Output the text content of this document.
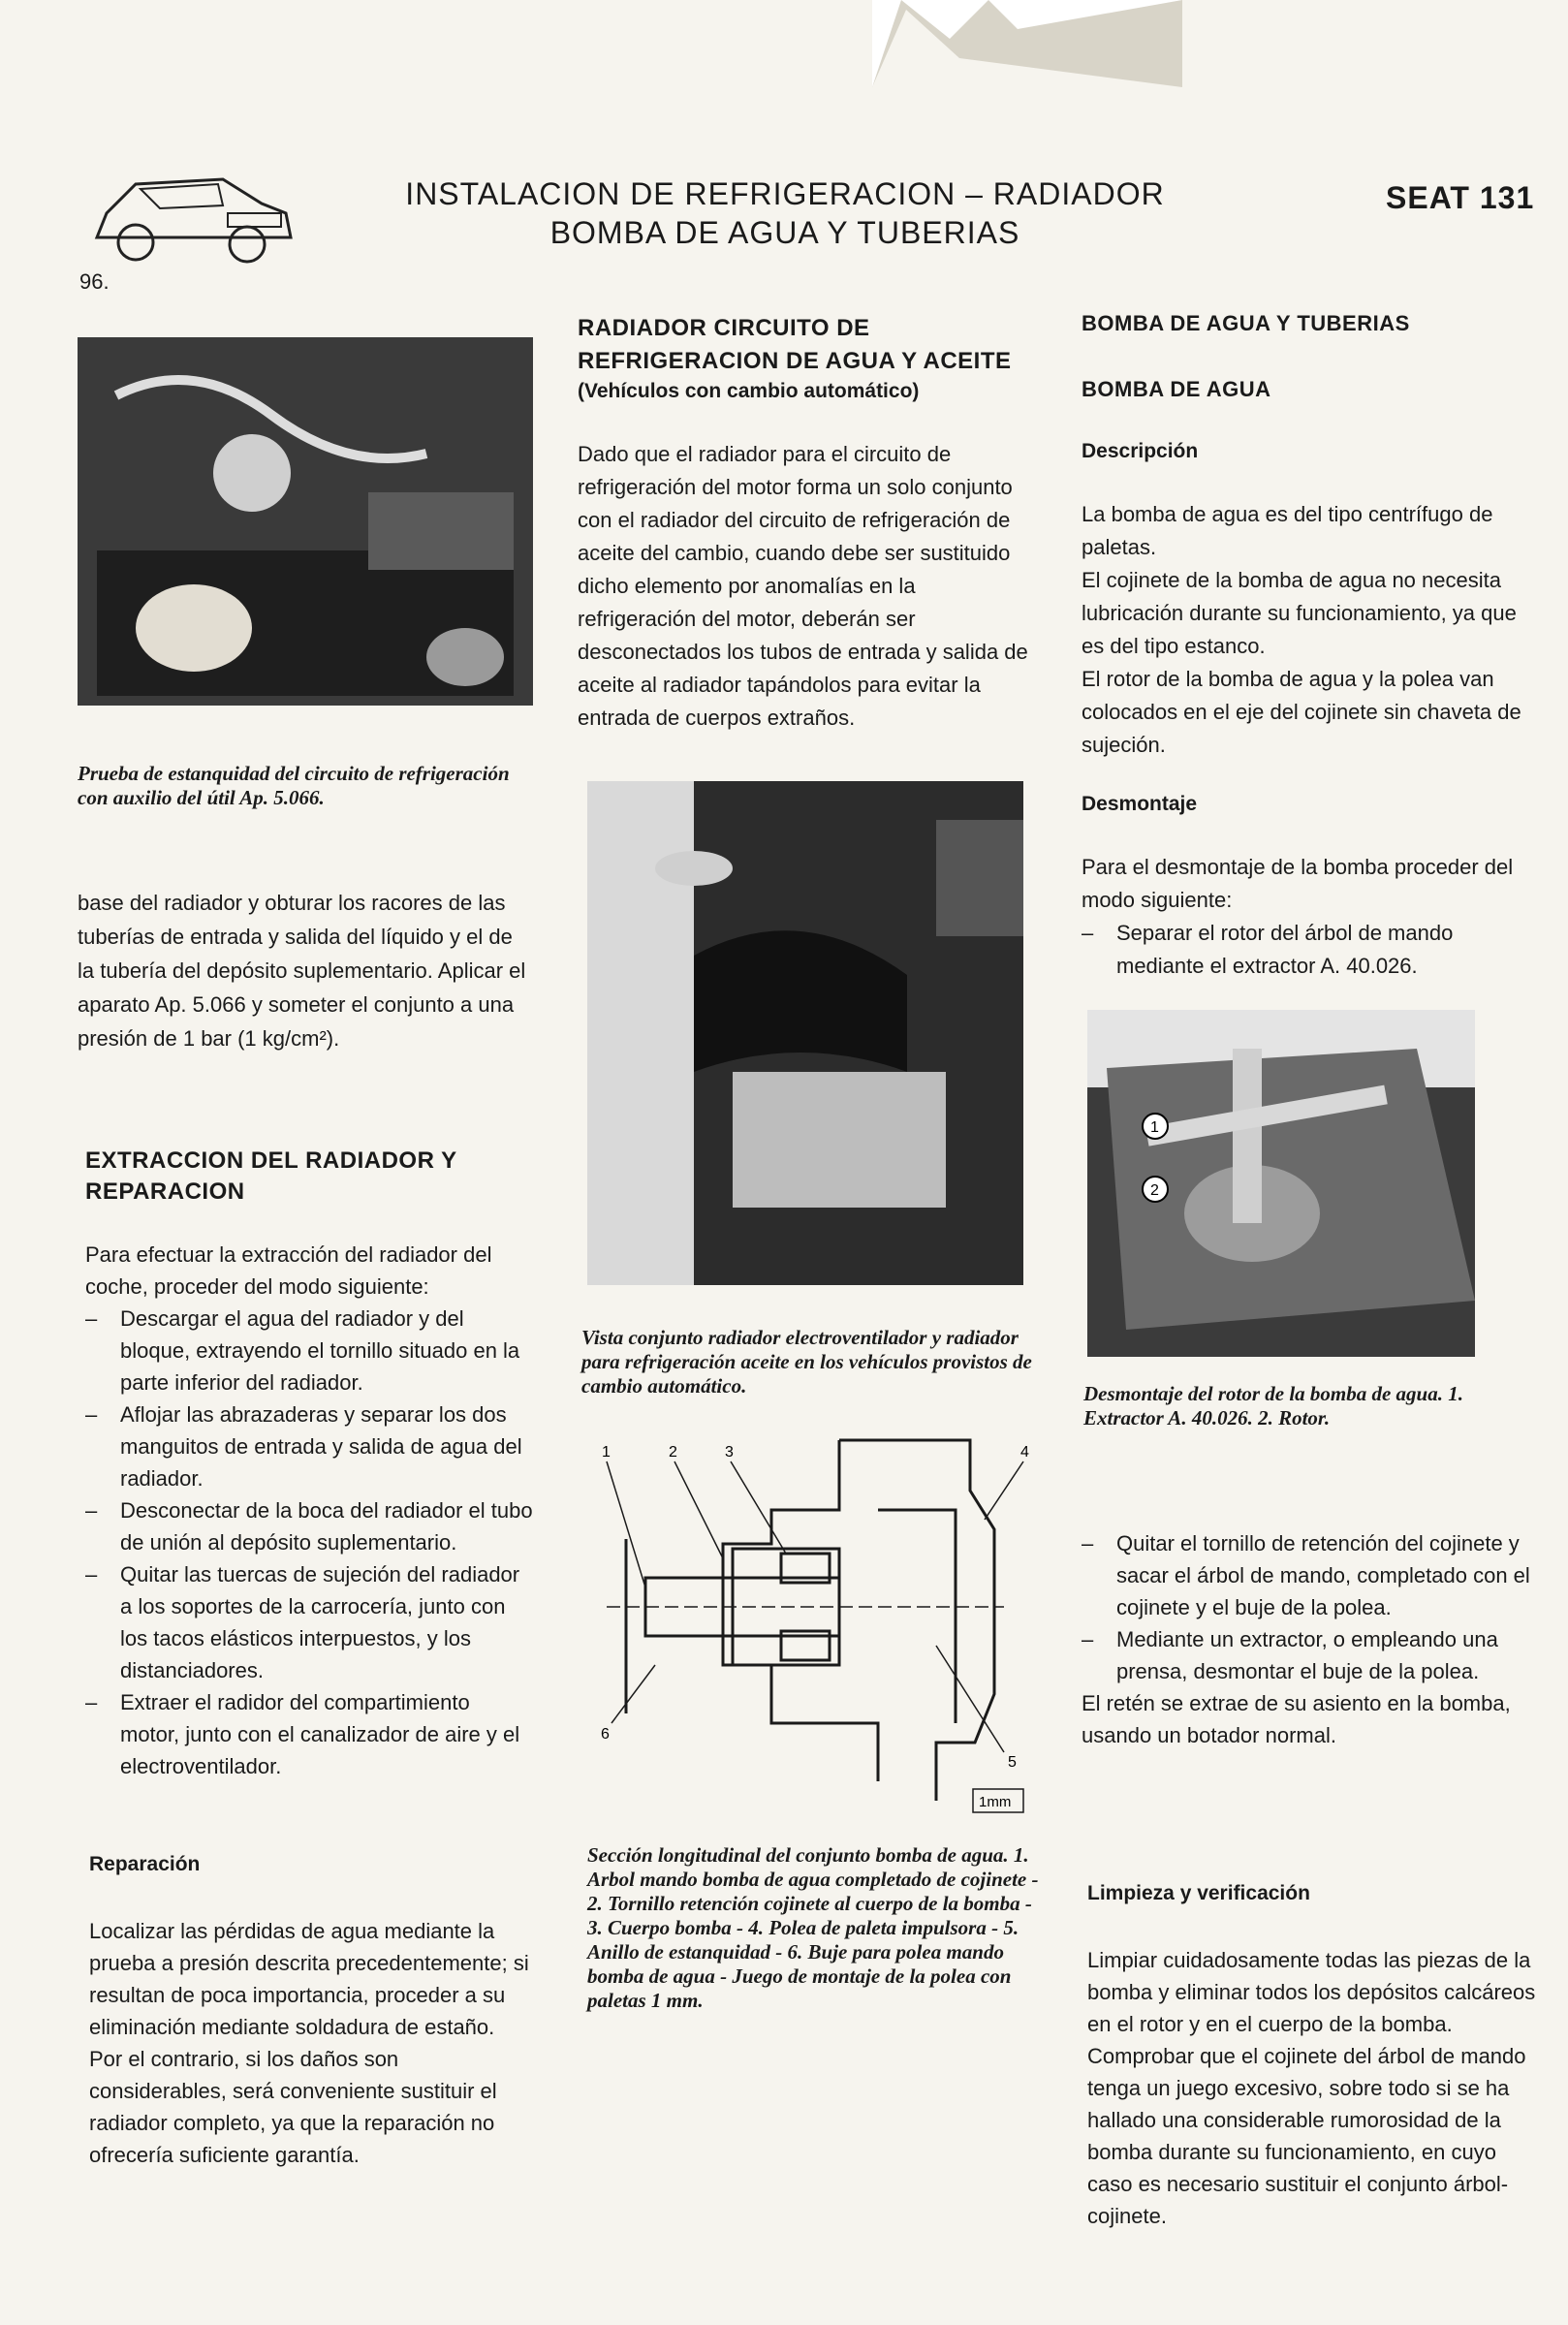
96.
INSTALACION DE REFRIGERACION – RADIADOR
BOMBA DE AGUA Y TUBERIAS
SEAT 131
Prueba de estanquidad del circuito de refrigeración con auxilio del útil Ap. 5.066.
base del radiador y obturar los racores de las tuberías de entrada y salida del líquido y el de la tubería del depósito suplementario. Aplicar el aparato Ap. 5.066 y someter el conjunto a una presión de 1 bar (1 kg/cm²).
EXTRACCION DEL RADIADOR Y REPARACION

Para efectuar la extracción del radiador del coche, proceder del modo siguiente:

– Descargar el agua del radiador y del bloque, extrayendo el tornillo situado en la parte inferior del radiador.
– Aflojar las abrazaderas y separar los dos manguitos de entrada y salida de agua del radiador.
– Desconectar de la boca del radiador el tubo de unión al depósito suplementario.
– Quitar las tuercas de sujeción del radiador a los soportes de la carrocería, junto con los tacos elásticos interpuestos, y los distanciadores.
– Extraer el radidor del compartimiento motor, junto con el canalizador de aire y el electroventilador.
Reparación

Localizar las pérdidas de agua mediante la prueba a presión descrita precedentemente; si resultan de poca importancia, proceder a su eliminación mediante soldadura de estaño.

Por el contrario, si los daños son considerables, será conveniente sustituir el radiador completo, ya que la reparación no ofrecería suficiente garantía.

RADIADOR CIRCUITO DE REFRIGERACION DE AGUA Y ACEITE
(Vehículos con cambio automático)
Dado que el radiador para el circuito de refrigeración del motor forma un solo conjunto con el radiador del circuito de refrigeración de aceite del cambio, cuando debe ser sustituido dicho elemento por anomalías en la refrigeración del motor, deberán ser desconectados los tubos de entrada y salida de aceite al radiador tapándolos para evitar la entrada de cuerpos extraños.
Vista conjunto radiador electroventilador y radiador para refrigeración aceite en los vehículos provistos de cambio automático.
1	2	3	4
5
6
1mm
Sección longitudinal del conjunto bomba de agua. 1. Arbol mando bomba de agua completado de cojinete - 2. Tornillo retención cojinete al cuerpo de la bomba - 3. Cuerpo bomba - 4. Polea de paleta impulsora - 5. Anillo de estanquidad - 6. Buje para polea mando bomba de agua - Juego de montaje de la polea con paletas 1 mm.
BOMBA DE AGUA Y TUBERIAS
BOMBA DE AGUA
Descripción

La bomba de agua es del tipo centrífugo de paletas.

El cojinete de la bomba de agua no necesita lubricación durante su funcionamiento, ya que es del tipo estanco.

El rotor de la bomba de agua y la polea van colocados en el eje del cojinete sin chaveta de sujeción.

Desmontaje

Para el desmontaje de la bomba proceder del modo siguiente:

– Separar el rotor del árbol de mando mediante el extractor A. 40.026.
1
2
Desmontaje del rotor de la bomba de agua. 1. Extractor A. 40.026. 2. Rotor.
– Quitar el tornillo de retención del cojinete y sacar el árbol de mando, completado con el cojinete y el buje de la polea.
– Mediante un extractor, o empleando una prensa, desmontar el buje de la polea.

El retén se extrae de su asiento en la bomba, usando un botador normal.

Limpieza y verificación

Limpiar cuidadosamente todas las piezas de la bomba y eliminar todos los depósitos calcáreos en el rotor y en el cuerpo de la bomba.

Comprobar que el cojinete del árbol de mando tenga un juego excesivo, sobre todo si se ha hallado una considerable rumorosidad de la bomba durante su funcionamiento, en cuyo caso es necesario sustituir el conjunto árbol-cojinete.
